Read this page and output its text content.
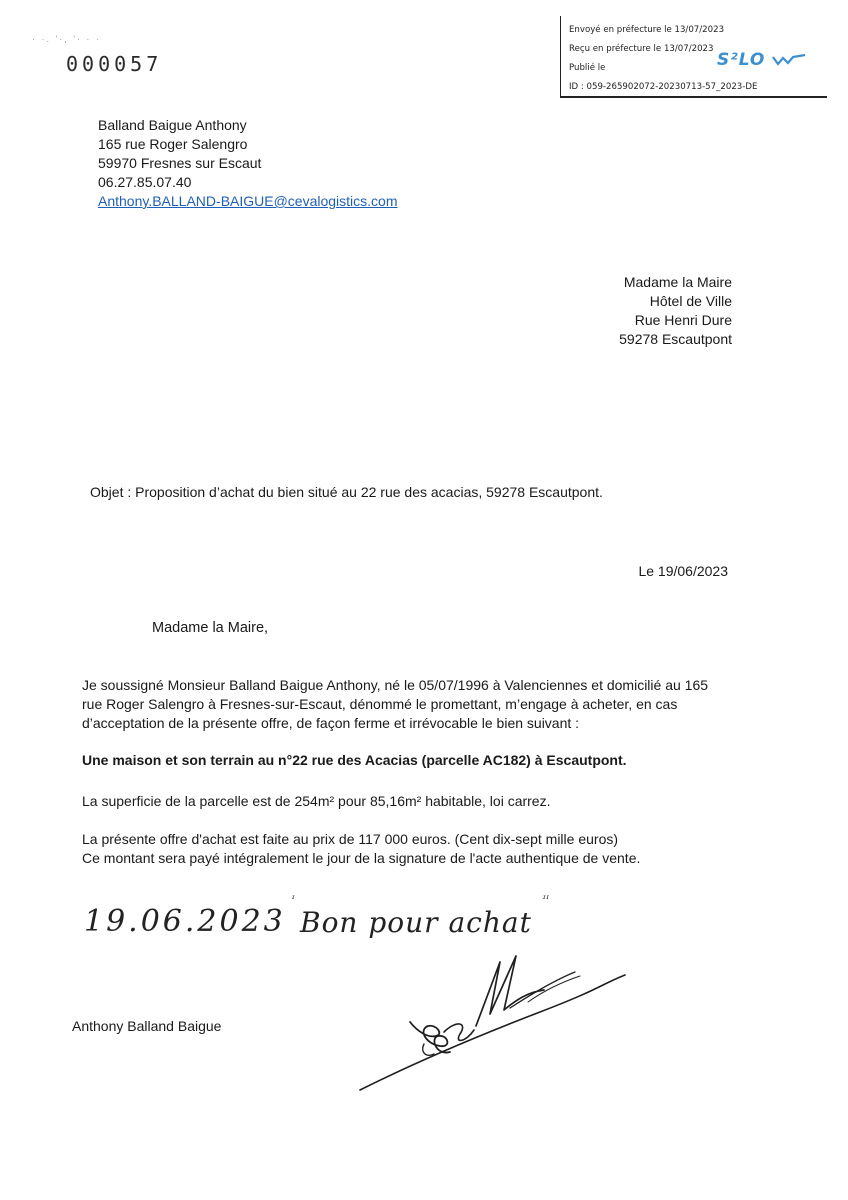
Envoyé en préfecture le 13/07/2023
Reçu en préfecture le 13/07/2023
Publié le
ID : 059-265902072-20230713-57_2023-DE
S²LO
· ·. '·, '· · ·
000057
Balland Baigue Anthony
165 rue Roger Salengro
59970 Fresnes sur Escaut
06.27.85.07.40
Anthony.BALLAND-BAIGUE@cevalogistics.com
Madame la Maire
Hôtel de Ville
Rue Henri Dure
59278 Escautpont
Objet : Proposition d’achat du bien situé au 22 rue des acacias, 59278 Escautpont.
Le 19/06/2023
Madame la Maire,
Je soussigné Monsieur Balland Baigue Anthony, né le 05/07/1996 à Valenciennes et domicilié au 165
rue Roger Salengro à Fresnes-sur-Escaut, dénommé le promettant, m’engage à acheter, en cas
d’acceptation de la présente offre, de façon ferme et irrévocable le bien suivant :
Une maison et son terrain au n°22 rue des Acacias (parcelle AC182) à Escautpont.
La superficie de la parcelle est de 254m² pour 85,16m² habitable, loi carrez.
La présente offre d'achat est faite au prix de 117 000 euros. (Cent dix-sept mille euros)
Ce montant sera payé intégralement le jour de la signature de l'acte authentique de vente.
19.06.2023
ᶦ
Bon pour achat
ᶦᶦ
Anthony Balland Baigue
